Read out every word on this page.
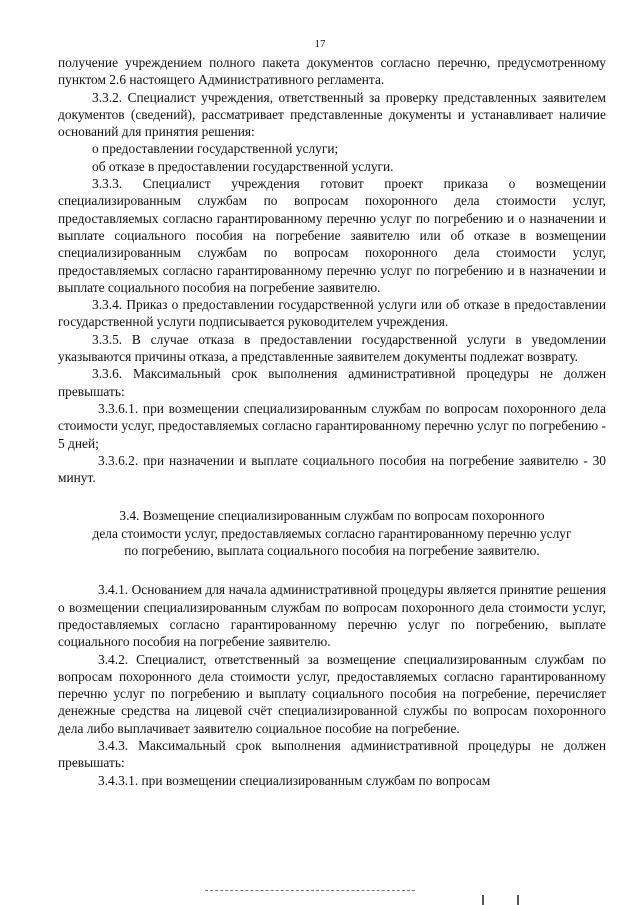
17

получение учреждением полного пакета документов согласно перечню, предусмотренному пунктом 2.6 настоящего Административного регламента.

3.3.2. Специалист учреждения, ответственный за проверку представленных заявителем документов (сведений), рассматривает представленные документы и устанавливает наличие оснований для принятия решения:

о предоставлении государственной услуги;

об отказе в предоставлении государственной услуги.

3.3.3. Специалист учреждения готовит проект приказа о возмещении специализированным службам по вопросам похоронного дела стоимости услуг, предоставляемых согласно гарантированному перечню услуг по погребению и о назначении и выплате социального пособия на погребение заявителю или об отказе в возмещении специализированным службам по вопросам похоронного дела стоимости услуг, предоставляемых согласно гарантированному перечню услуг по погребению и в назначении и выплате социального пособия на погребение заявителю.

3.3.4. Приказ о предоставлении государственной услуги или об отказе в предоставлении государственной услуги подписывается руководителем учреждения.

3.3.5. В случае отказа в предоставлении государственной услуги в уведомлении указываются причины отказа, а представленные заявителем документы подлежат возврату.

3.3.6. Максимальный срок выполнения административной процедуры не должен превышать:

3.3.6.1. при возмещении специализированным службам по вопросам похоронного дела стоимости услуг, предоставляемых согласно гарантированному перечню услуг по погребению - 5 дней;

3.3.6.2. при назначении и выплате социального пособия на погребение заявителю - 30 минут.

3.4. Возмещение специализированным службам по вопросам похоронного
дела стоимости услуг, предоставляемых согласно гарантированному перечню услуг
по погребению, выплата социального пособия на погребение заявителю.

3.4.1. Основанием для начала административной процедуры является принятие решения о возмещении специализированным службам по вопросам похоронного дела стоимости услуг, предоставляемых согласно гарантированному перечню услуг по погребению, выплате социального пособия на погребение заявителю.

3.4.2. Специалист, ответственный за возмещение специализированным службам по вопросам похоронного дела стоимости услуг, предоставляемых согласно гарантированному перечню услуг по погребению и выплату социального пособия на погребение, перечисляет денежные средства на лицевой счёт специализированной службы по вопросам похоронного дела либо выплачивает заявителю социальное пособие на погребение.

3.4.3. Максимальный срок выполнения административной процедуры не должен превышать:

3.4.3.1. при возмещении специализированным службам по вопросам
